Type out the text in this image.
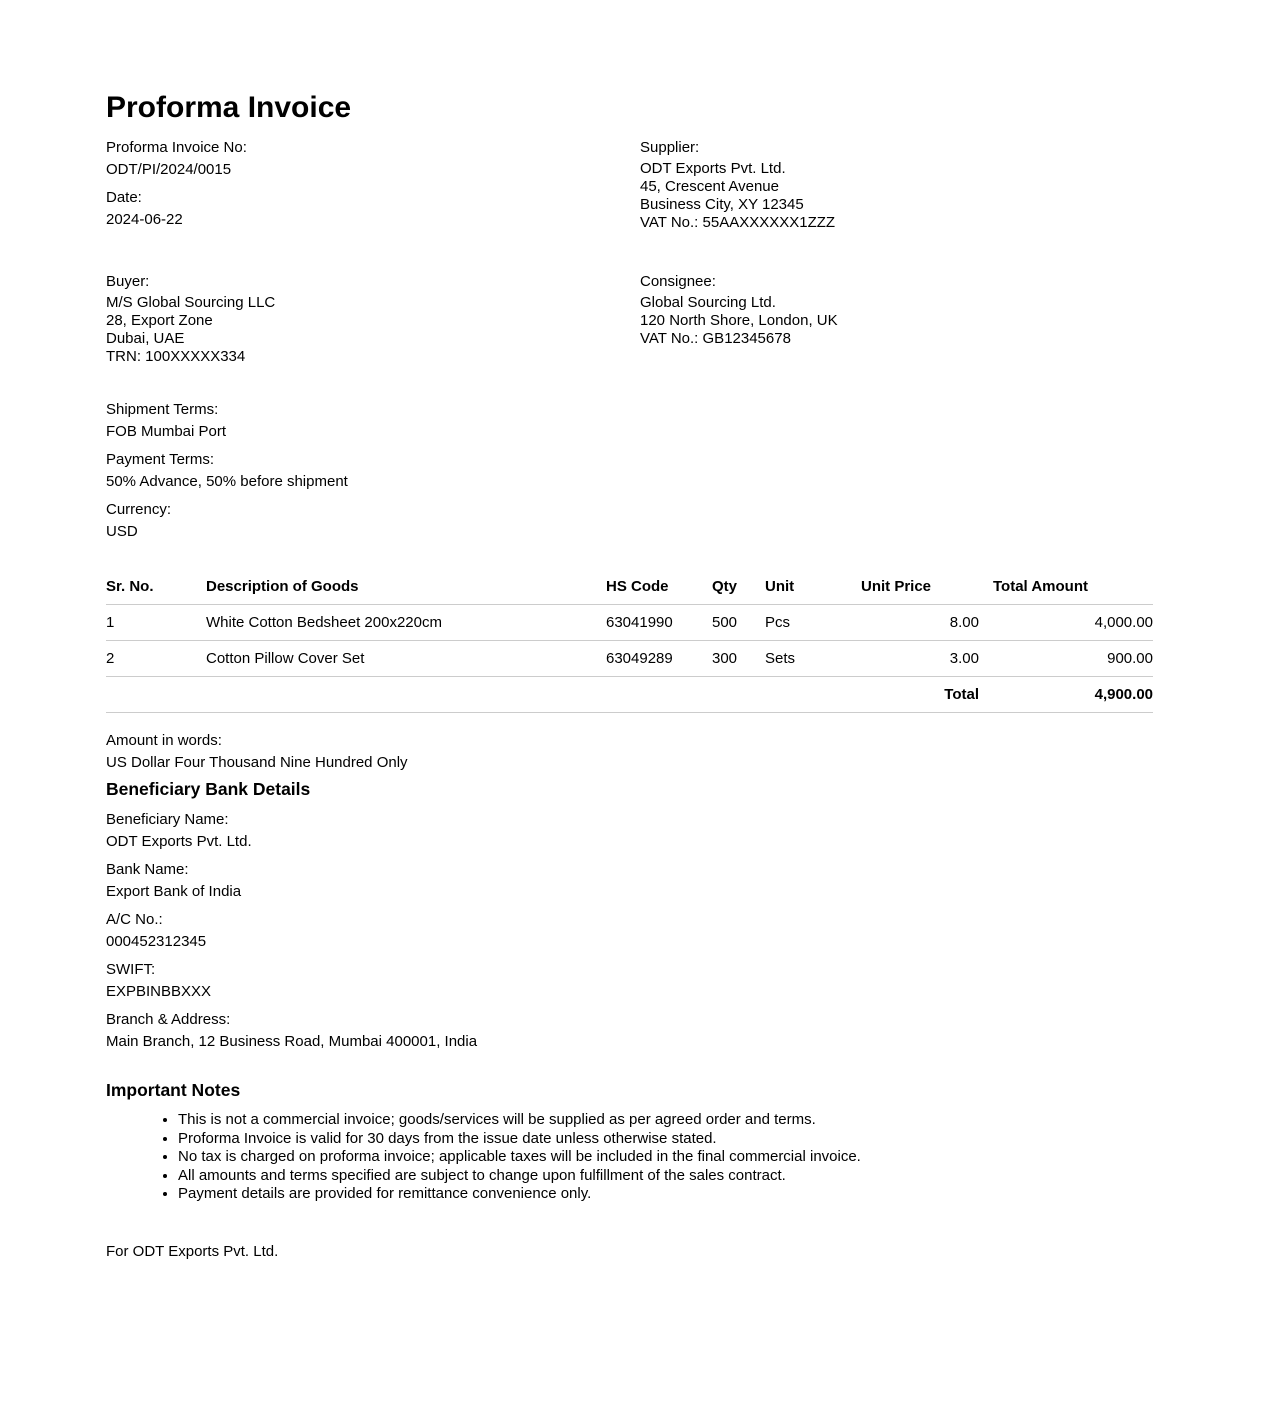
Proforma Invoice
Proforma Invoice No:
ODT/PI/2024/0015
Date:
2024-06-22
Supplier:
ODT Exports Pvt. Ltd.
45, Crescent Avenue
Business City, XY 12345
VAT No.: 55AAXXXXXX1ZZZ
Buyer:
M/S Global Sourcing LLC
28, Export Zone
Dubai, UAE
TRN: 100XXXXX334
Consignee:
Global Sourcing Ltd.
120 North Shore, London, UK
VAT No.: GB12345678
Shipment Terms:
FOB Mumbai Port
Payment Terms:
50% Advance, 50% before shipment
Currency:
USD
Sr. No.	Description of Goods	HS Code	Qty	Unit	Unit Price	Total Amount
1	White Cotton Bedsheet 200x220cm	63041990	500	Pcs	8.00	4,000.00
2	Cotton Pillow Cover Set	63049289	300	Sets	3.00	900.00
					Total	4,900.00
Amount in words:
US Dollar Four Thousand Nine Hundred Only
Beneficiary Bank Details
Beneficiary Name:
ODT Exports Pvt. Ltd.
Bank Name:
Export Bank of India
A/C No.:
000452312345
SWIFT:
EXPBINBBXXX
Branch & Address:
Main Branch, 12 Business Road, Mumbai 400001, India
Important Notes
• This is not a commercial invoice; goods/services will be supplied as per agreed order and terms.
• Proforma Invoice is valid for 30 days from the issue date unless otherwise stated.
• No tax is charged on proforma invoice; applicable taxes will be included in the final commercial invoice.
• All amounts and terms specified are subject to change upon fulfillment of the sales contract.
• Payment details are provided for remittance convenience only.

For ODT Exports Pvt. Ltd.
